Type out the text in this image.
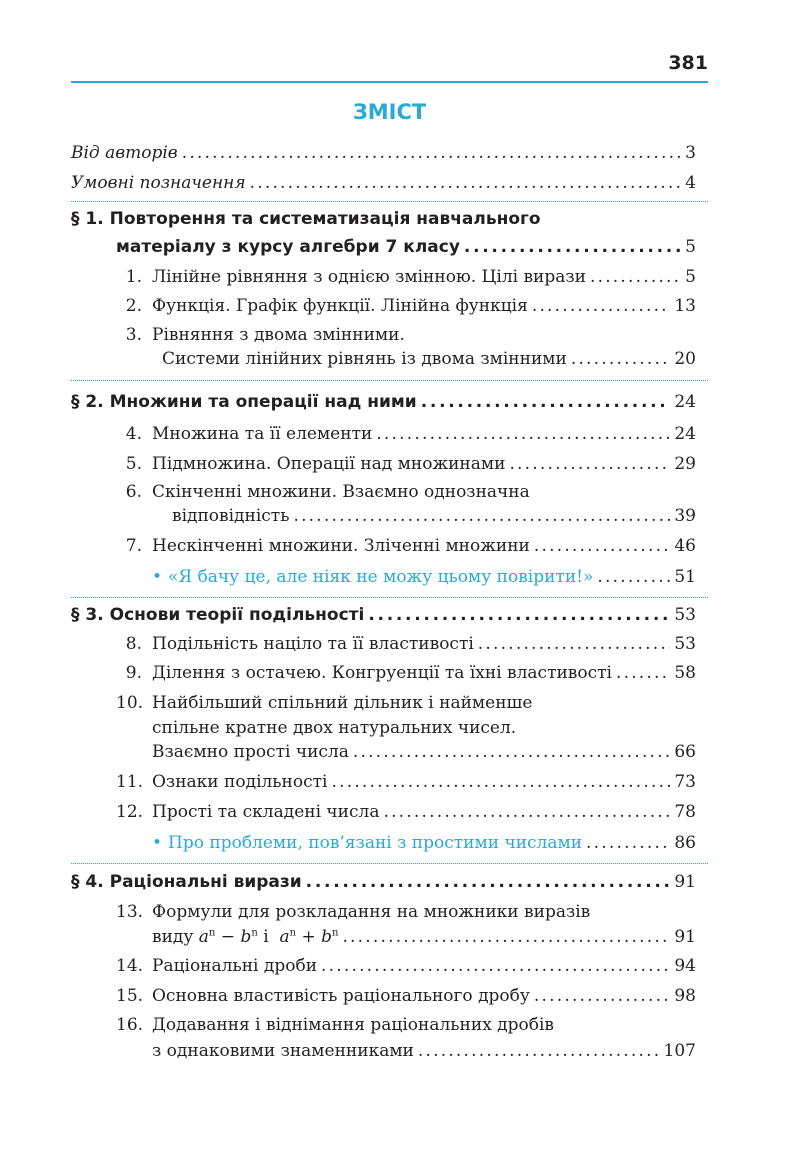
381
ЗМІСТ
Від авторів . . .	3
Умовні позначення . . .	4
§ 1. Повторення та систематизація навчального
матеріалу з курсу алгебри 7 класу . . .	5
1. Лінійне рівняння з однією змінною. Цілі вирази . . .	5
2. Функція. Графік функції. Лінійна функція . . .	13
3. Рівняння з двома змінними.
Системи лінійних рівнянь із двома змінними . . .	20
§ 2. Множини та операції над ними . . .	24
4. Множина та її елементи . . .	24
5. Підмножина. Операції над множинами . . .	29
6. Скінченні множини. Взаємно однозначна
відповідність . . .	39
7. Нескінченні множини. Зліченні множини . . .	46
• «Я бачу це, але ніяк не можу цьому повірити!» . . .	51
§ 3. Основи теорії подільності . . .	53
8. Подільність націло та її властивості . . .	53
9. Ділення з остачею. Конгруенції та їхні властивості . . .	58
10. Найбільший спільний дільник і найменше
спільне кратне двох натуральних чисел.
Взаємно прості числа . . .	66
11. Ознаки подільності . . .	73
12. Прості та складені числа . . .	78
• Про проблеми, пов’язані з простими числами . . .	86
§ 4. Раціональні вирази . . .	91
13. Формули для розкладання на множники виразів
виду $a^n - b^n$ і $a^n + b^n$ . . .	91
14. Раціональні дроби . . .	94
15. Основна властивість раціонального дробу . . .	98
16. Додавання і віднімання раціональних дробів
з однаковими знаменниками . . .	107
